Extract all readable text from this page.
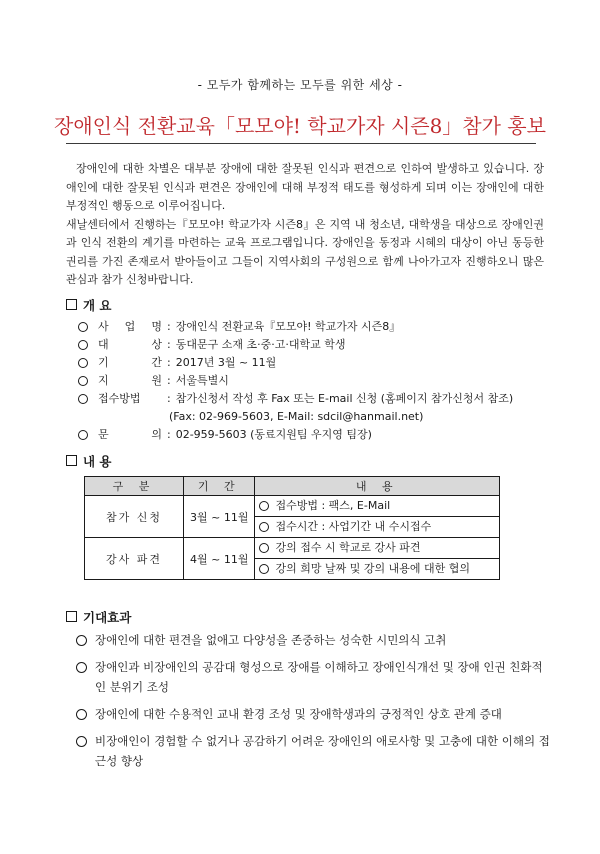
- 모두가 함께하는 모두를 위한 세상 -
장애인식 전환교육「모모야! 학교가자 시즌8」참가 홍보

장애인에 대한 차별은 대부분 장애에 대한 잘못된 인식과 편견으로 인하여 발생하고 있습니다. 장애인에 대한 잘못된 인식과 편견은 장애인에 대해 부정적 태도를 형성하게 되며 이는 장애인에 대한 부정적인 행동으로 이루어집니다.

새날센터에서 진행하는『모모야! 학교가자 시즌8』은 지역 내 청소년, 대학생을 대상으로 장애인권과 인식 전환의 계기를 마련하는 교육 프로그램입니다. 장애인을 동정과 시혜의 대상이 아닌 동등한 권리를 가진 존재로서 받아들이고 그들이 지역사회의 구성원으로 함께 나아가고자 진행하오니 많은 관심과 참가 신청바랍니다.

개 요
사 업 명 : 장애인식 전환교육『모모야! 학교가자 시즌8』
대	상 : 동대문구 소재 초·중·고·대학교 학생
기	간 : 2017년 3월 ~ 11월
지	원 : 서울특별시
접수방법 : 참가신청서 작성 후 Fax 또는 E-mail 신청 (홈페이지 참가신청서 참조)
(Fax: 02-969-5603, E-Mail: sdcil@hanmail.net)
문	의 : 02-959-5603 (동료지원팀 우지영 팀장)
내 용
구 분	기 간	내 용
참가 신청	3월 ~ 11월	접수방법 : 팩스, E-Mail
접수시간 : 사업기간 내 수시접수

강사 파견	4월 ~ 11월	강의 접수 시 학교로 강사 파견
강의 희망 날짜 및 강의 내용에 대한 협의
기대효과
장애인에 대한 편견을 없애고 다양성을 존중하는 성숙한 시민의식 고취
장애인과 비장애인의 공감대 형성으로 장애를 이해하고 장애인식개선 및 장애 인권 친화적인 분위기 조성
장애인에 대한 수용적인 교내 환경 조성 및 장애학생과의 긍정적인 상호 관계 증대
비장애인이 경험할 수 없거나 공감하기 어려운 장애인의 애로사항 및 고충에 대한 이해의 접근성 향상
